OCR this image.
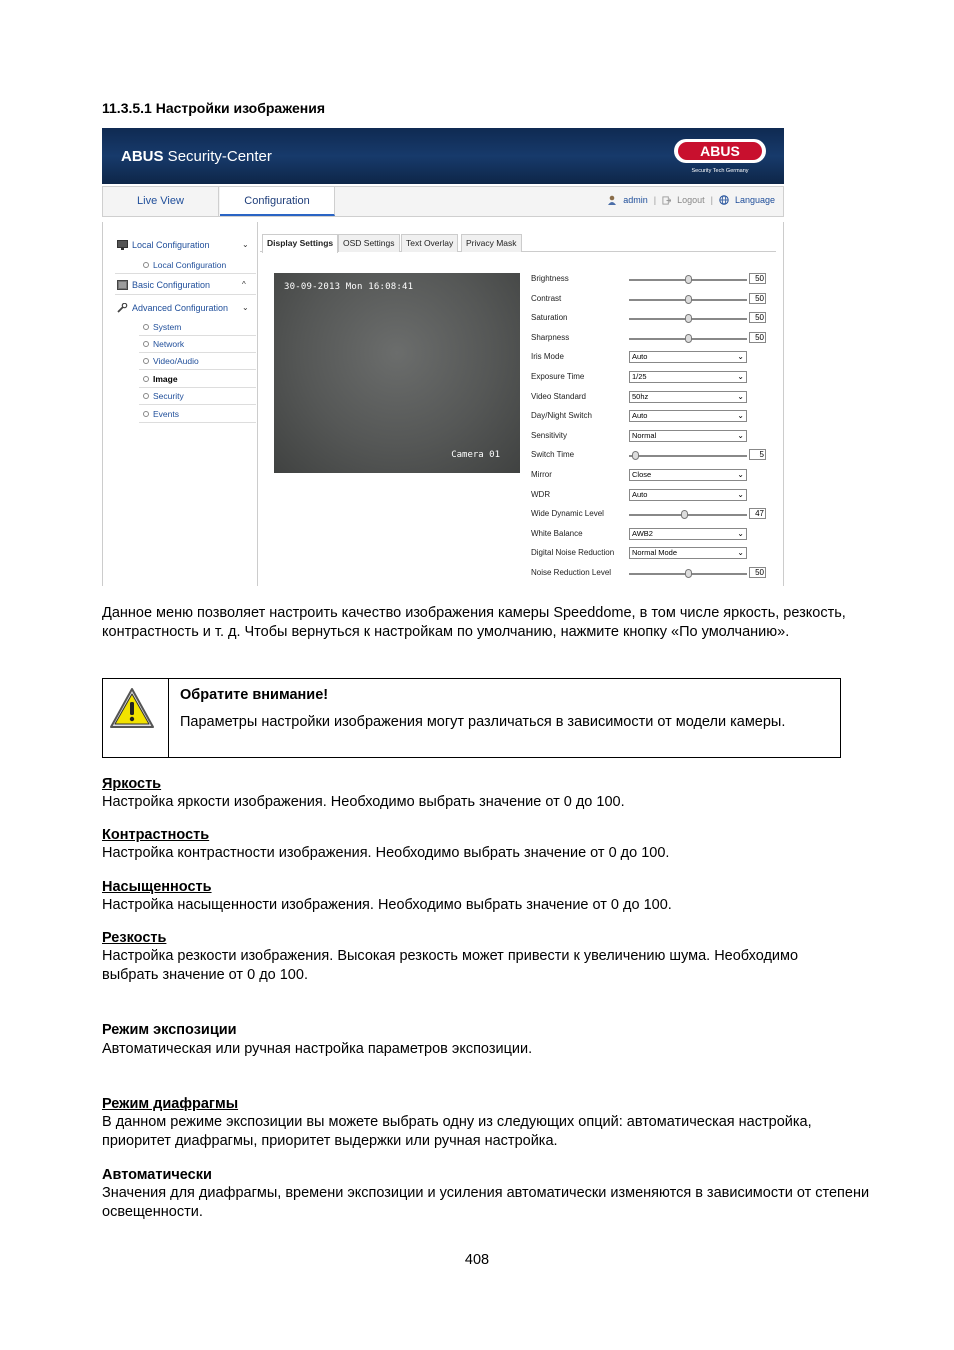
11.3.5.1 Настройки изображения
ABUS Security-Center	ABUS
Security Tech Germany
Live View	Configuration	admin | Logout | Language
Local Configuration	⌄
Local Configuration
Basic Configuration	^
Advanced Configuration ⌄
System
Network
Video/Audio
Image
Security
Events
Display Settings	OSD Settings	Text Overlay	Privacy Mask
30-09-2013 Mon 16:08:41
Camera 01
Brightness	50
Contrast	50
Saturation	50
Sharpness	50
Iris Mode	Auto	⌄
Exposure Time	1/25	⌄
Video Standard	50hz	⌄
Day/Night Switch	Auto	⌄
Sensitivity	Normal	⌄
Switch Time	5
Mirror	Close	⌄
WDR	Auto	⌄
Wide Dynamic Level	47
White Balance	AWB2	⌄
Digital Noise Reduction	Normal Mode	⌄
Noise Reduction Level	50
Данное меню позволяет настроить качество изображения камеры Speeddome, в том числе яркость, резкость, контрастность и т. д. Чтобы вернуться к настройкам по умолчанию, нажмите кнопку «По умолчанию».
Обратите внимание!
Параметры настройки изображения могут различаться в зависимости от модели камеры.
Яркость
Настройка яркости изображения. Необходимо выбрать значение от 0 до 100.
Контрастность
Настройка контрастности изображения. Необходимо выбрать значение от 0 до 100.
Насыщенность
Настройка насыщенности изображения. Необходимо выбрать значение от 0 до 100.
Резкость
Настройка резкости изображения. Высокая резкость может привести к увеличению шума. Необходимо выбрать значение от 0 до 100.
Режим экспозиции
Автоматическая или ручная настройка параметров экспозиции.
Режим диафрагмы
В данном режиме экспозиции вы можете выбрать одну из следующих опций: автоматическая настройка, приоритет диафрагмы, приоритет выдержки или ручная настройка.
Автоматически
Значения для диафрагмы, времени экспозиции и усиления автоматически изменяются в зависимости от степени освещенности.
408
